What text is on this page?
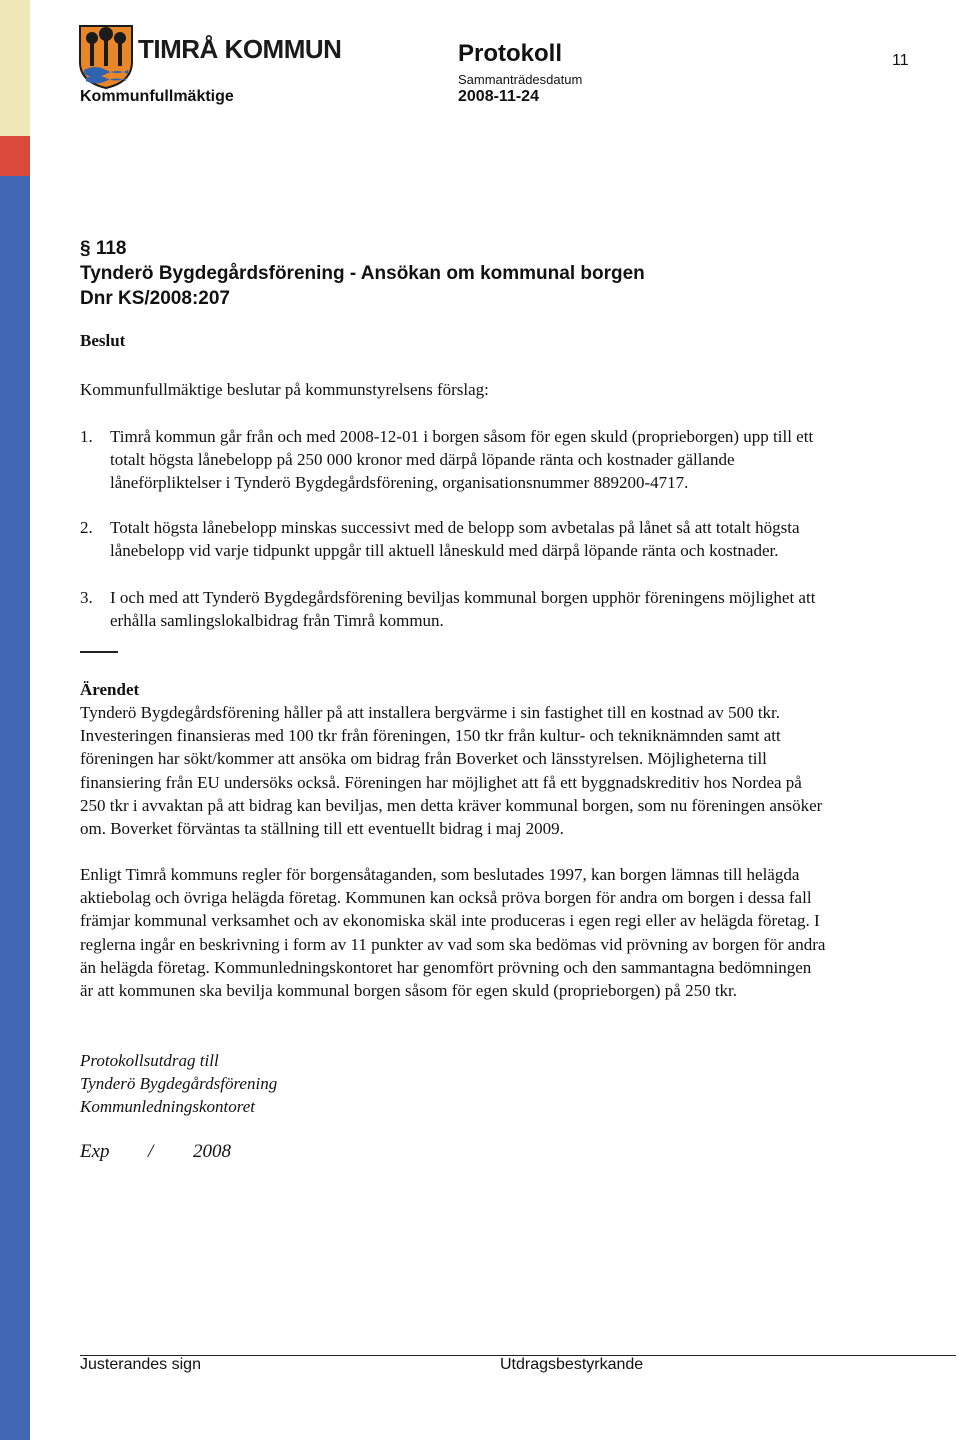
TIMRÅ KOMMUN	Protokoll	11
Sammanträdesdatum
2008-11-24
Kommunfullmäktige
§ 118
Tynderö Bygdegårdsförening - Ansökan om kommunal borgen
Dnr KS/2008:207
Beslut
Kommunfullmäktige beslutar på kommunstyrelsens förslag:
1. Timrå kommun går från och med 2008-12-01 i borgen såsom för egen skuld (proprieborgen) upp till ett
totalt högsta lånebelopp på 250 000 kronor med därpå löpande ränta och kostnader gällande
låneförpliktelser i Tynderö Bygdegårdsförening, organisationsnummer 889200-4717.
2. Totalt högsta lånebelopp minskas successivt med de belopp som avbetalas på lånet så att totalt högsta
lånebelopp vid varje tidpunkt uppgår till aktuell låneskuld med därpå löpande ränta och kostnader.
3. I och med att Tynderö Bygdegårdsförening beviljas kommunal borgen upphör föreningens möjlighet att
erhålla samlingslokalbidrag från Timrå kommun.
Ärendet
Tynderö Bygdegårdsförening håller på att installera bergvärme i sin fastighet till en kostnad av 500 tkr.
Investeringen finansieras med 100 tkr från föreningen, 150 tkr från kultur- och tekniknämnden samt att
föreningen har sökt/kommer att ansöka om bidrag från Boverket och länsstyrelsen. Möjligheterna till
finansiering från EU undersöks också. Föreningen har möjlighet att få ett byggnadskreditiv hos Nordea på
250 tkr i avvaktan på att bidrag kan beviljas, men detta kräver kommunal borgen, som nu föreningen ansöker
om. Boverket förväntas ta ställning till ett eventuellt bidrag i maj 2009.
Enligt Timrå kommuns regler för borgensåtaganden, som beslutades 1997, kan borgen lämnas till helägda
aktiebolag och övriga helägda företag. Kommunen kan också pröva borgen för andra om borgen i dessa fall
främjar kommunal verksamhet och av ekonomiska skäl inte produceras i egen regi eller av helägda företag. I
reglerna ingår en beskrivning i form av 11 punkter av vad som ska bedömas vid prövning av borgen för andra
än helägda företag. Kommunledningskontoret har genomfört prövning och den sammantagna bedömningen
är att kommunen ska bevilja kommunal borgen såsom för egen skuld (proprieborgen) på 250 tkr.
Protokollsutdrag till
Tynderö Bygdegårdsförening
Kommunledningskontoret
Exp / 2008
Justerandes sign	Utdragsbestyrkande
